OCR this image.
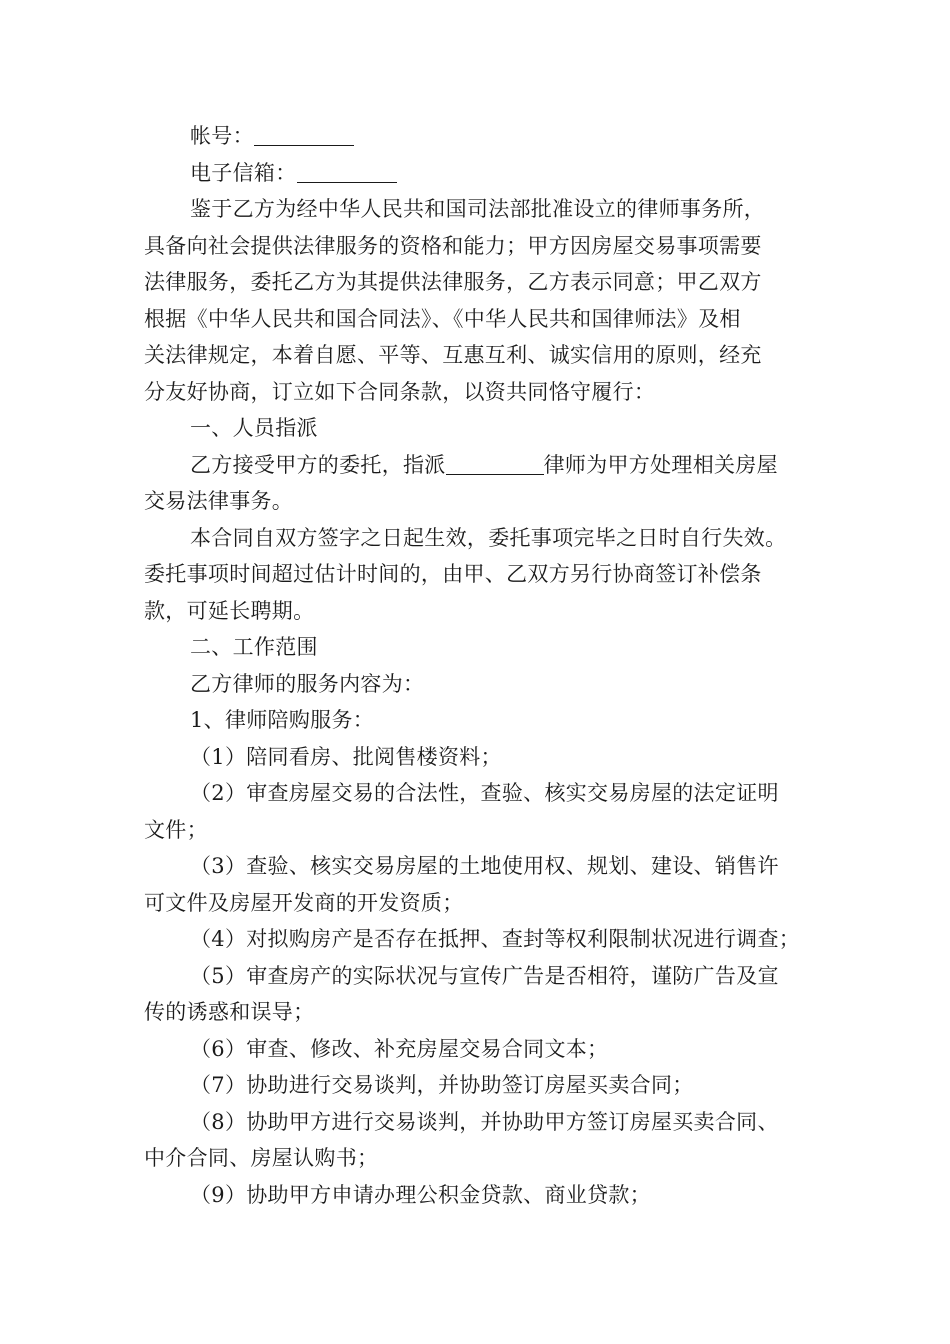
帐号：
电子信箱：
鉴于乙方为经中华人民共和国司法部批准设立的律师事务所，
具备向社会提供法律服务的资格和能力；甲方因房屋交易事项需要
法律服务，委托乙方为其提供法律服务，乙方表示同意；甲乙双方
根据《中华人民共和国合同法》、《中华人民共和国律师法》及相
关法律规定，本着自愿、平等、互惠互利、诚实信用的原则，经充
分友好协商，订立如下合同条款，以资共同恪守履行：
一、人员指派
乙方接受甲方的委托，指派	律师为甲方处理相关房屋
交易法律事务。
本合同自双方签字之日起生效，委托事项完毕之日时自行失效。
委托事项时间超过估计时间的，由甲、乙双方另行协商签订补偿条
款，可延长聘期。
二、工作范围
乙方律师的服务内容为：
1、律师陪购服务：
（1）陪同看房、批阅售楼资料；
（2）审查房屋交易的合法性，查验、核实交易房屋的法定证明
文件；
（3）查验、核实交易房屋的土地使用权、规划、建设、销售许
可文件及房屋开发商的开发资质；
（4）对拟购房产是否存在抵押、查封等权利限制状况进行调查；
（5）审查房产的实际状况与宣传广告是否相符，谨防广告及宣
传的诱惑和误导；
（6）审查、修改、补充房屋交易合同文本；
（7）协助进行交易谈判，并协助签订房屋买卖合同；
（8）协助甲方进行交易谈判，并协助甲方签订房屋买卖合同、
中介合同、房屋认购书；
（9）协助甲方申请办理公积金贷款、商业贷款；
